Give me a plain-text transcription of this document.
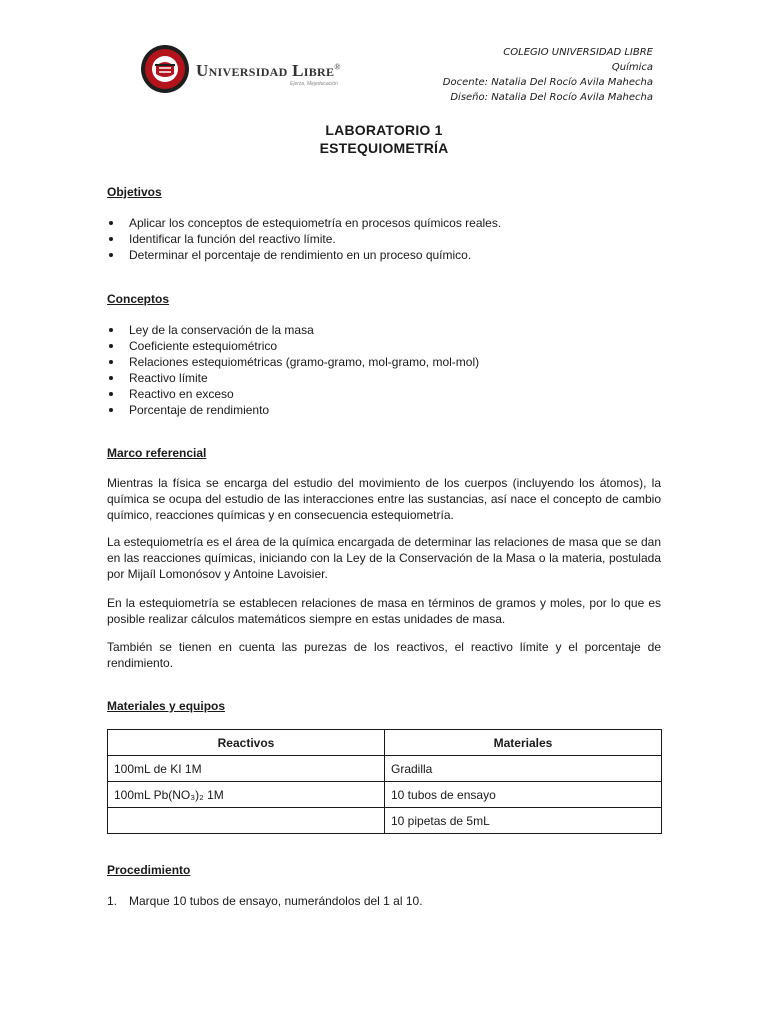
Universidad Libre®
Ejerza, Mejeducación
COLEGIO UNIVERSIDAD LIBRE
Química
Docente: Natalia Del Rocío Avila Mahecha
Diseño: Natalia Del Rocío Avila Mahecha
LABORATORIO 1
ESTEQUIOMETRÍA
Objetivos
Aplicar los conceptos de estequiometría en procesos químicos reales.
Identificar la función del reactivo límite.
Determinar el porcentaje de rendimiento en un proceso químico.
Conceptos
Ley de la conservación de la masa
Coeficiente estequiométrico
Relaciones estequiométricas (gramo-gramo, mol-gramo, mol-mol)
Reactivo límite
Reactivo en exceso
Porcentaje de rendimiento
Marco referencial

Mientras la física se encarga del estudio del movimiento de los cuerpos (incluyendo los átomos), la química se ocupa del estudio de las interacciones entre las sustancias, así nace el concepto de cambio químico, reacciones químicas y en consecuencia estequiometría.

La estequiometría es el área de la química encargada de determinar las relaciones de masa que se dan en las reacciones químicas, iniciando con la Ley de la Conservación de la Masa o la materia, postulada por Mijaíl Lomonósov y Antoine Lavoisier.

En la estequiometría se establecen relaciones de masa en términos de gramos y moles, por lo que es posible realizar cálculos matemáticos siempre en estas unidades de masa.

También se tienen en cuenta las purezas de los reactivos, el reactivo límite y el porcentaje de rendimiento.

Materiales y equipos
Reactivos	Materiales
100mL de KI 1M	Gradilla
100mL Pb(NO₃)₂ 1M	10 tubos de ensayo
	10 pipetas de 5mL
Procedimiento
1. Marque 10 tubos de ensayo, numerándolos del 1 al 10.
